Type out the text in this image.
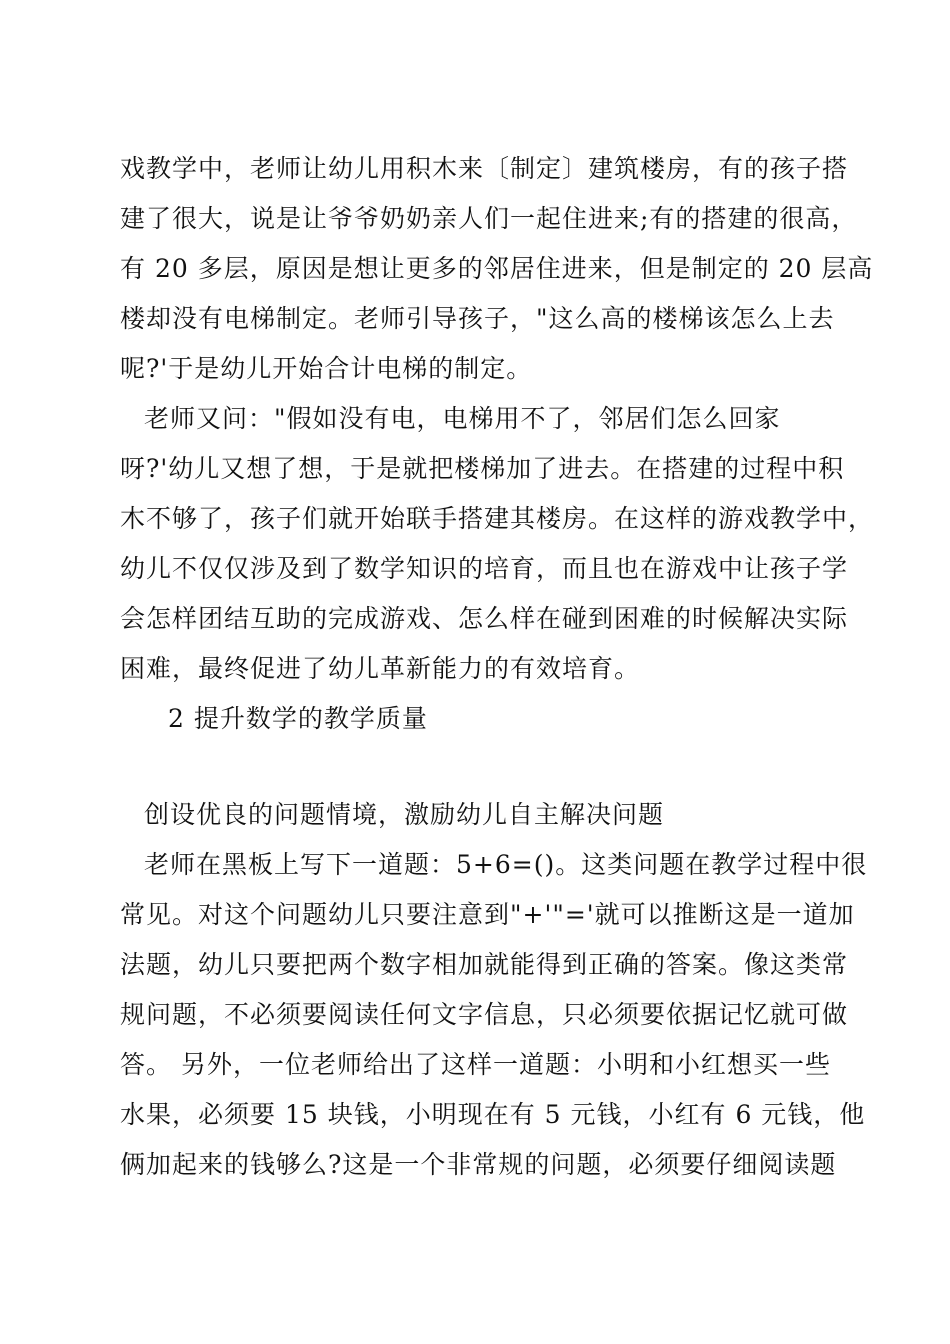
戏教学中，老师让幼儿用积木来〔制定〕建筑楼房，有的孩子搭
建了很大，说是让爷爷奶奶亲人们一起住进来;有的搭建的很高，
有 20 多层，原因是想让更多的邻居住进来，但是制定的 20 层高
楼却没有电梯制定。老师引导孩子，"这么高的楼梯该怎么上去
呢?'于是幼儿开始合计电梯的制定。
老师又问："假如没有电，电梯用不了，邻居们怎么回家
呀?'幼儿又想了想，于是就把楼梯加了进去。在搭建的过程中积
木不够了，孩子们就开始联手搭建其楼房。在这样的游戏教学中，
幼儿不仅仅涉及到了数学知识的培育，而且也在游戏中让孩子学
会怎样团结互助的完成游戏、怎么样在碰到困难的时候解决实际
困难，最终促进了幼儿革新能力的有效培育。
2 提升数学的教学质量
创设优良的问题情境，激励幼儿自主解决问题
老师在黑板上写下一道题：5+6=()。这类问题在教学过程中很
常见。对这个问题幼儿只要注意到"+'"='就可以推断这是一道加
法题，幼儿只要把两个数字相加就能得到正确的答案。像这类常
规问题，不必须要阅读任何文字信息，只必须要依据记忆就可做
答。 另外，一位老师给出了这样一道题：小明和小红想买一些
水果，必须要 15 块钱，小明现在有 5 元钱，小红有 6 元钱，他
俩加起来的钱够么?这是一个非常规的问题，必须要仔细阅读题
